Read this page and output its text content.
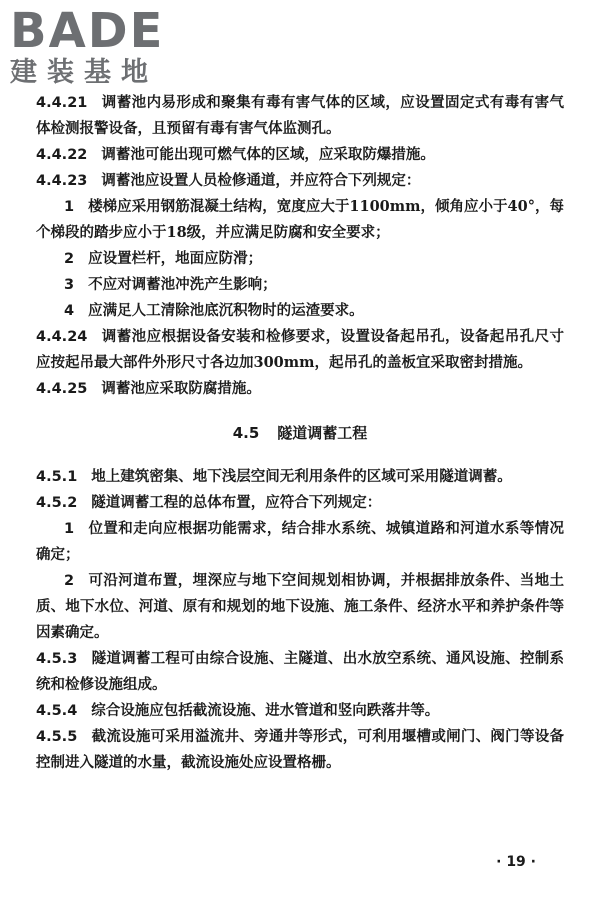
BADE
建装基地

4.4.21 调蓄池内易形成和聚集有毒有害气体的区域，应设置固定式有毒有害气体检测报警设备，且预留有毒有害气体监测孔。

4.4.22 调蓄池可能出现可燃气体的区域，应采取防爆措施。

4.4.23 调蓄池应设置人员检修通道，并应符合下列规定：

1 楼梯应采用钢筋混凝土结构，宽度应大于1100mm，倾角应小于40°，每个梯段的踏步应小于18级，并应满足防腐和安全要求；

2 应设置栏杆，地面应防滑；

3 不应对调蓄池冲洗产生影响；

4 应满足人工清除池底沉积物时的运渣要求。

4.4.24 调蓄池应根据设备安装和检修要求，设置设备起吊孔，设备起吊孔尺寸应按起吊最大部件外形尺寸各边加300mm，起吊孔的盖板宜采取密封措施。

4.4.25 调蓄池应采取防腐措施。

4.5 隧道调蓄工程

4.5.1 地上建筑密集、地下浅层空间无利用条件的区域可采用隧道调蓄。

4.5.2 隧道调蓄工程的总体布置，应符合下列规定：

1 位置和走向应根据功能需求，结合排水系统、城镇道路和河道水系等情况确定；

2 可沿河道布置，埋深应与地下空间规划相协调，并根据排放条件、当地土质、地下水位、河道、原有和规划的地下设施、施工条件、经济水平和养护条件等因素确定。

4.5.3 隧道调蓄工程可由综合设施、主隧道、出水放空系统、通风设施、控制系统和检修设施组成。

4.5.4 综合设施应包括截流设施、进水管道和竖向跌落井等。

4.5.5 截流设施可采用溢流井、旁通井等形式，可利用堰槽或闸门、阀门等设备控制进入隧道的水量，截流设施处应设置格栅。

· 19 ·
